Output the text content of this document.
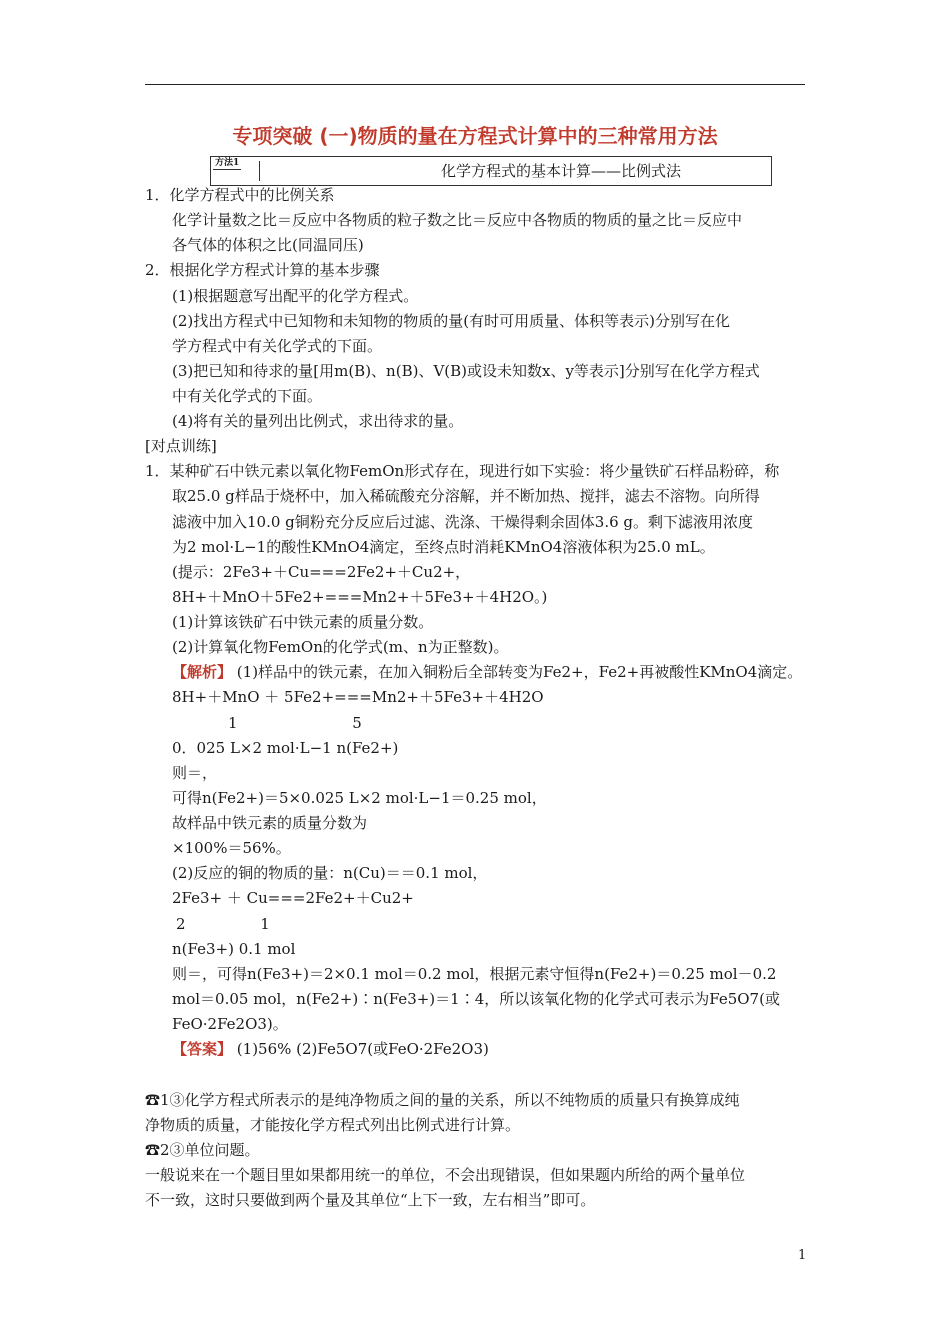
专项突破 (一)物质的量在方程式计算中的三种常用方法
方法1	化学方程式的基本计算——比例式法
1．化学方程式中的比例关系
化学计量数之比＝反应中各物质的粒子数之比＝反应中各物质的物质的量之比＝反应中
各气体的体积之比(同温同压)
2．根据化学方程式计算的基本步骤
(1)根据题意写出配平的化学方程式。
(2)找出方程式中已知物和未知物的物质的量(有时可用质量、体积等表示)分别写在化
学方程式中有关化学式的下面。
(3)把已知和待求的量[用m(B)、n(B)、V(B)或设未知数x、y等表示]分别写在化学方程式
中有关化学式的下面。
(4)将有关的量列出比例式，求出待求的量。
[对点训练]
1．某种矿石中铁元素以氧化物FemOn形式存在，现进行如下实验：将少量铁矿石样品粉碎，称
取25.0 g样品于烧杯中，加入稀硫酸充分溶解，并不断加热、搅拌，滤去不溶物。向所得
滤液中加入10.0 g铜粉充分反应后过滤、洗涤、干燥得剩余固体3.6 g。剩下滤液用浓度
为2 mol·L−1的酸性KMnO4滴定，至终点时消耗KMnO4溶液体积为25.0 mL。
(提示：2Fe3+＋Cu===2Fe2+＋Cu2+，
8H+＋MnO＋5Fe2+===Mn2+＋5Fe3+＋4H2O。)
(1)计算该铁矿石中铁元素的质量分数。
(2)计算氧化物FemOn的化学式(m、n为正整数)。
【解析】 (1)样品中的铁元素，在加入铜粉后全部转变为Fe2+，Fe2+再被酸性KMnO4滴定。
8H+＋MnO ＋ 5Fe2+===Mn2+＋5Fe3+＋4H2O
1 5
0．025 L×2 mol·L−1 n(Fe2+)
则＝，
可得n(Fe2+)＝5×0.025 L×2 mol·L−1＝0.25 mol，
故样品中铁元素的质量分数为
×100%＝56%。
(2)反应的铜的物质的量：n(Cu)＝＝0.1 mol，
2Fe3+ ＋ Cu===2Fe2+＋Cu2+
2 1
n(Fe3+) 0.1 mol
则＝，可得n(Fe3+)＝2×0.1 mol＝0.2 mol，根据元素守恒得n(Fe2+)＝0.25 mol－0.2
mol＝0.05 mol，n(Fe2+)∶n(Fe3+)＝1∶4，所以该氧化物的化学式可表示为Fe5O7(或
FeO·2Fe2O3)。
【答案】 (1)56% (2)Fe5O7(或FeO·2Fe2O3)
☎1➂化学方程式所表示的是纯净物质之间的量的关系，所以不纯物质的质量只有换算成纯
净物质的质量，才能按化学方程式列出比例式进行计算。
☎2➂单位问题。
一般说来在一个题目里如果都用统一的单位，不会出现错误，但如果题内所给的两个量单位
不一致，这时只要做到两个量及其单位“上下一致，左右相当”即可。
1
